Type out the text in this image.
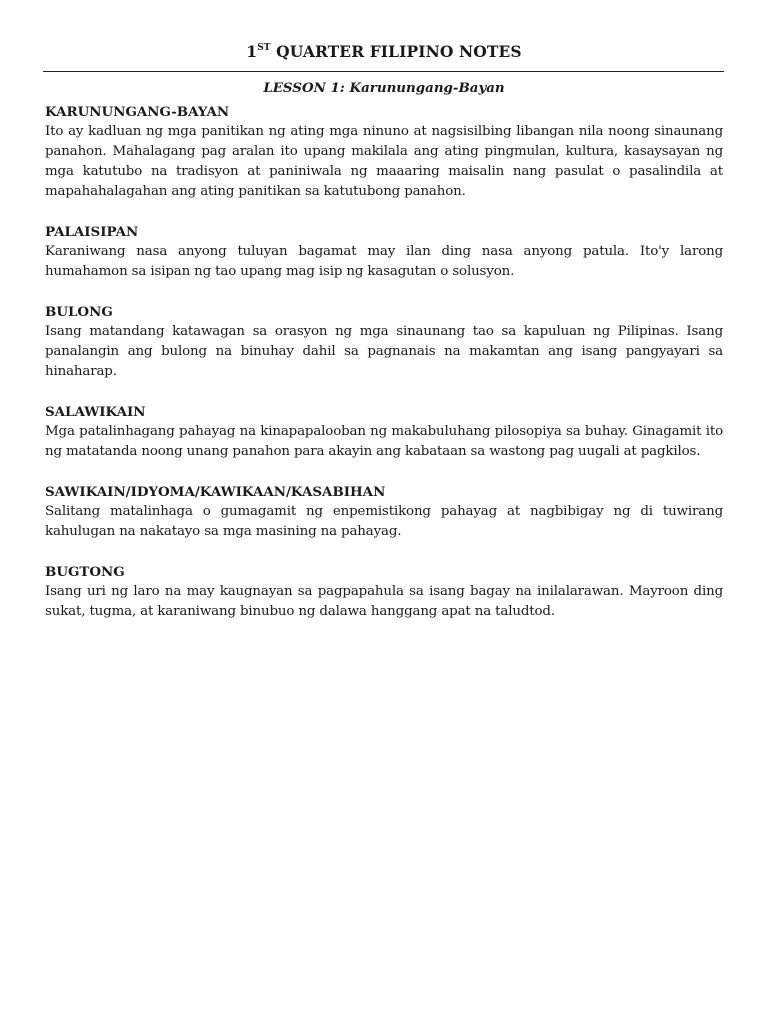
1ST QUARTER FILIPINO NOTES
LESSON 1: Karunungang-Bayan
KARUNUNGANG-BAYAN
Ito ay kadluan ng mga panitikan ng ating mga ninuno at nagsisilbing libangan nila noong sinaunang panahon. Mahalagang pag aralan ito upang makilala ang ating pingmulan, kultura, kasaysayan ng mga katutubo na tradisyon at paniniwala ng maaaring maisalin nang pasulat o pasalindila at mapahahalagahan ang ating panitikan sa katutubong panahon.
PALAISIPAN
Karaniwang nasa anyong tuluyan bagamat may ilan ding nasa anyong patula. Ito'y larong humahamon sa isipan ng tao upang mag isip ng kasagutan o solusyon.
BULONG
Isang matandang katawagan sa orasyon ng mga sinaunang tao sa kapuluan ng Pilipinas. Isang panalangin ang bulong na binuhay dahil sa pagnanais na makamtan ang isang pangyayari sa hinaharap.
SALAWIKAIN
Mga patalinhagang pahayag na kinapapalooban ng makabuluhang pilosopiya sa buhay. Ginagamit ito ng matatanda noong unang panahon para akayin ang kabataan sa wastong pag uugali at pagkilos.
SAWIKAIN/IDYOMA/KAWIKAAN/KASABIHAN
Salitang matalinhaga o gumagamit ng enpemistikong pahayag at nagbibigay ng di tuwirang kahulugan na nakatayo sa mga masining na pahayag.
BUGTONG
Isang uri ng laro na may kaugnayan sa pagpapahula sa isang bagay na inilalarawan. Mayroon ding sukat, tugma, at karaniwang binubuo ng dalawa hanggang apat na taludtod.
